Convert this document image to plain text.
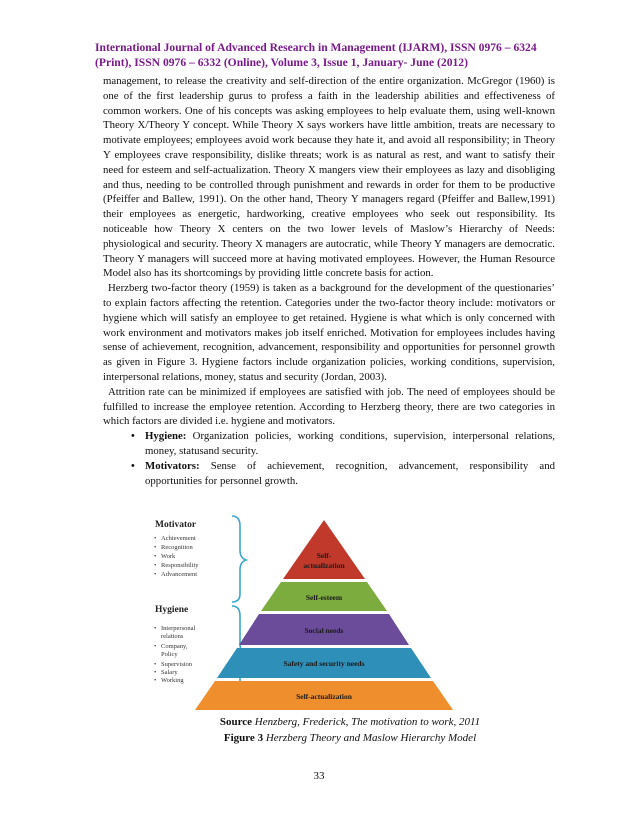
International Journal of Advanced Research in Management (IJARM), ISSN 0976 – 6324
(Print), ISSN 0976 – 6332 (Online), Volume 3, Issue 1, January- June (2012)

management, to release the creativity and self-direction of the entire organization. McGregor (1960) is one of the first leadership gurus to profess a faith in the leadership abilities and effectiveness of common workers. One of his concepts was asking employees to help evaluate them, using well-known Theory X/Theory Y concept. While Theory X says workers have little ambition, treats are necessary to motivate employees; employees avoid work because they hate it, and avoid all responsibility; in Theory Y employees crave responsibility, dislike threats; work is as natural as rest, and want to satisfy their need for esteem and self-actualization. Theory X mangers view their employees as lazy and disobliging and thus, needing to be controlled through punishment and rewards in order for them to be productive (Pfeiffer and Ballew, 1991). On the other hand, Theory Y managers regard (Pfeiffer and Ballew,1991) their employees as energetic, hardworking, creative employees who seek out responsibility. Its noticeable how Theory X centers on the two lower levels of Maslow’s Hierarchy of Needs: physiological and security. Theory X managers are autocratic, while Theory Y managers are democratic. Theory Y managers will succeed more at having motivated employees. However, the Human Resource Model also has its shortcomings by providing little concrete basis for action.

Herzberg two-factor theory (1959) is taken as a background for the development of the questionaries’ to explain factors affecting the retention. Categories under the two-factor theory include: motivators or hygiene which will satisfy an employee to get retained. Hygiene is what which is only concerned with work environment and motivators makes job itself enriched. Motivation for employees includes having sense of achievement, recognition, advancement, responsibility and opportunities for personnel growth as given in Figure 3. Hygiene factors include organization policies, working conditions, supervision, interpersonal relations, money, status and security (Jordan, 2003).

Attrition rate can be minimized if employees are satisfied with job. The need of employees should be fulfilled to increase the employee retention. According to Herzberg theory, there are two categories in which factors are divided i.e. hygiene and motivators.

• Hygiene: Organization policies, working conditions, supervision, interpersonal relations, money, statusand security.
• Motivators: Sense of achievement, recognition, advancement, responsibility and opportunities for personnel growth.
Motivator
• Achievement
• Recognition
• Work
• Responsibility
• Advancement
Hygiene
• Interpersonal
relations
• Company,
Policy
• Supervision
• Salary
• Working
Self-
actualization
Self-esteem
Social needs
Safety and security needs
Self-actualization
Source Henzberg, Frederick, The motivation to work, 2011
Figure 3 Herzberg Theory and Maslow Hierarchy Model
33
